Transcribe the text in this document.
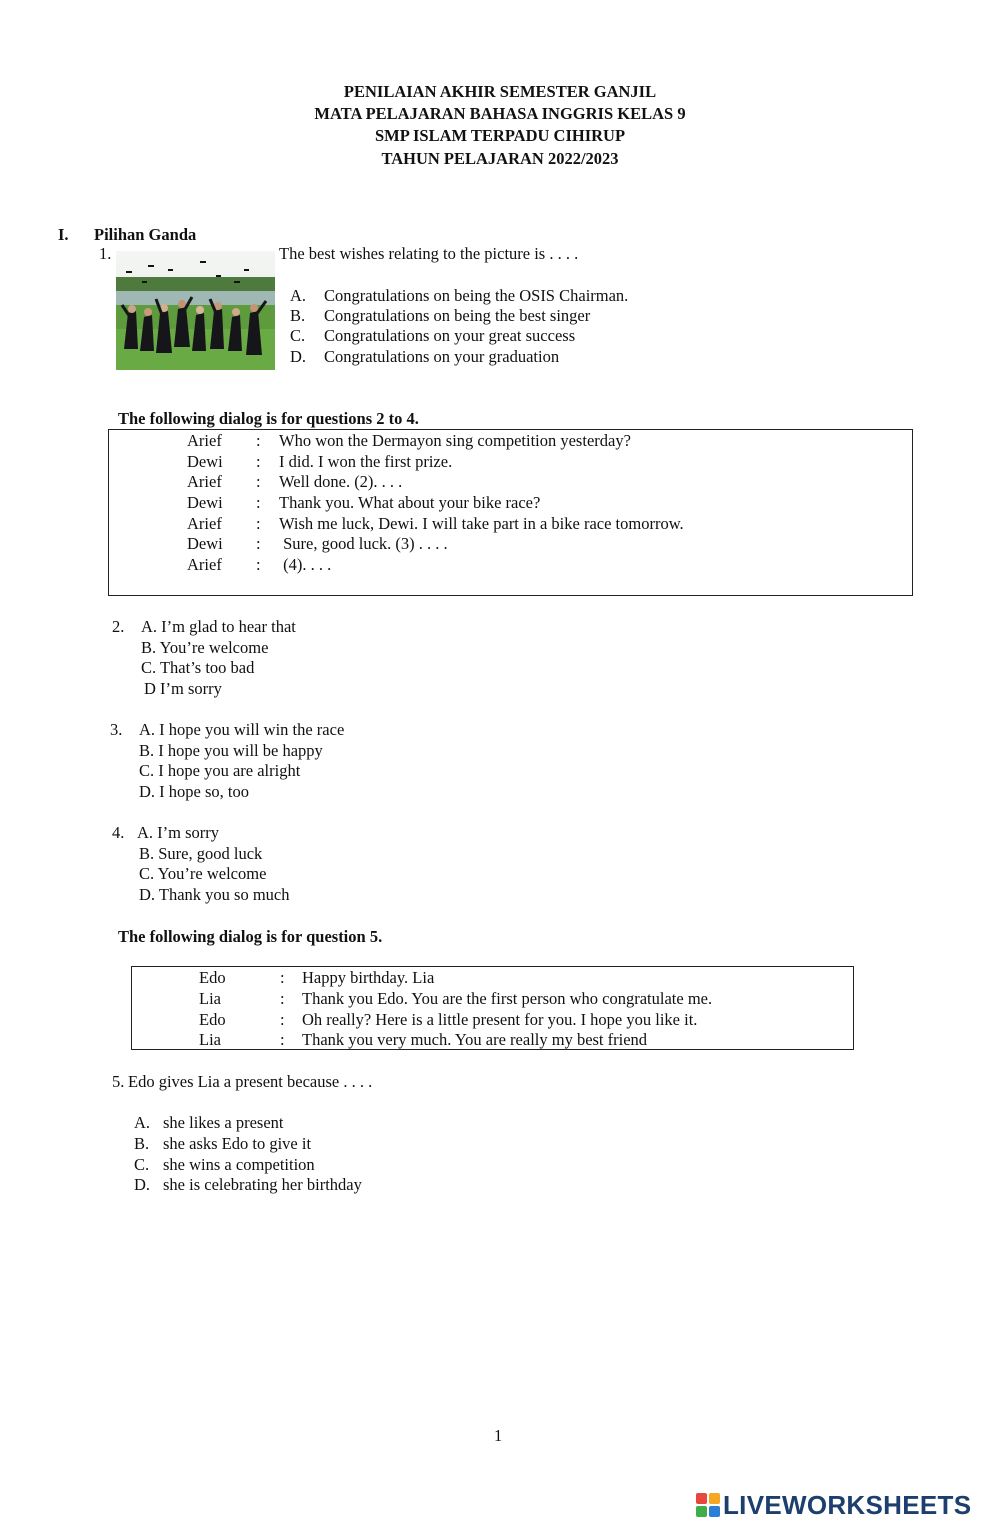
PENILAIAN AKHIR SEMESTER GANJIL
MATA PELAJARAN BAHASA INGGRIS KELAS 9
SMP ISLAM TERPADU CIHIRUP
TAHUN PELAJARAN 2022/2023
I. Pilihan Ganda
1.	The best wishes relating to the picture is . . . .
A. Congratulations on being the OSIS Chairman.
B. Congratulations on being the best singer
C. Congratulations on your great success
D. Congratulations on your graduation
The following dialog is for questions 2 to 4.
Arief : Who won the Dermayon sing competition yesterday?
Dewi : I did. I won the first prize.
Arief : Well done. (2). . . .
Dewi : Thank you. What about your bike race?
Arief : Wish me luck, Dewi. I will take part in a bike race tomorrow.
Dewi : Sure, good luck. (3) . . . .
Arief : (4). . . .
2. A. I’m glad to hear that
B. You’re welcome
C. That’s too bad
D I’m sorry
3. A. I hope you will win the race
B. I hope you will be happy
C. I hope you are alright
D. I hope so, too
4. A. I’m sorry
B. Sure, good luck
C. You’re welcome
D. Thank you so much
The following dialog is for question 5.
Edo	: Happy birthday. Lia
Lia	: Thank you Edo. You are the first person who congratulate me.
Edo	: Oh really? Here is a little present for you. I hope you like it.
Lia	: Thank you very much. You are really my best friend
5. Edo gives Lia a present because . . . .
A. she likes a present
B. she asks Edo to give it
C. she wins a competition
D. she is celebrating her birthday
1
LIVEWORKSHEETS
